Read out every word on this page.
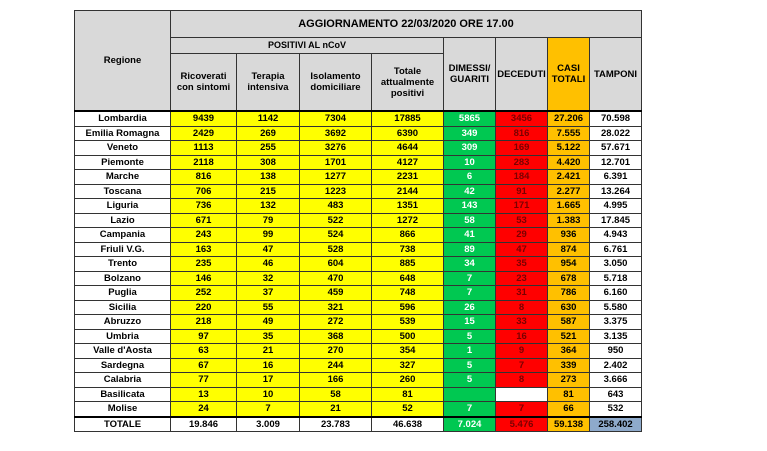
Regione	AGGIORNAMENTO 22/03/2020 ORE 17.00							
	POSITIVI AL nCoV				DIMESSI/ GUARITI	DECEDUTI	CASI TOTALI	TAMPONI
	Ricoverati con sintomi	Terapia intensiva	Isolamento domiciliare	Totale attualmente positivi				
Lombardia	9439	1142	7304	17885	5865	3456	27.206	70.598
Emilia Romagna	2429	269	3692	6390	349	816	7.555	28.022
Veneto	1113	255	3276	4644	309	169	5.122	57.671
Piemonte	2118	308	1701	4127	10	283	4.420	12.701
Marche	816	138	1277	2231	6	184	2.421	6.391
Toscana	706	215	1223	2144	42	91	2.277	13.264
Liguria	736	132	483	1351	143	171	1.665	4.995
Lazio	671	79	522	1272	58	53	1.383	17.845
Campania	243	99	524	866	41	29	936	4.943
Friuli V.G.	163	47	528	738	89	47	874	6.761
Trento	235	46	604	885	34	35	954	3.050
Bolzano	146	32	470	648	7	23	678	5.718
Puglia	252	37	459	748	7	31	786	6.160
Sicilia	220	55	321	596	26	8	630	5.580
Abruzzo	218	49	272	539	15	33	587	3.375
Umbria	97	35	368	500	5	16	521	3.135
Valle d'Aosta	63	21	270	354	1	9	364	950
Sardegna	67	16	244	327	5	7	339	2.402
Calabria	77	17	166	260	5	8	273	3.666
Basilicata	13	10	58	81			81	643
Molise	24	7	21	52	7	7	66	532
TOTALE	19.846	3.009	23.783	46.638	7.024	5.476	59.138	258.402
